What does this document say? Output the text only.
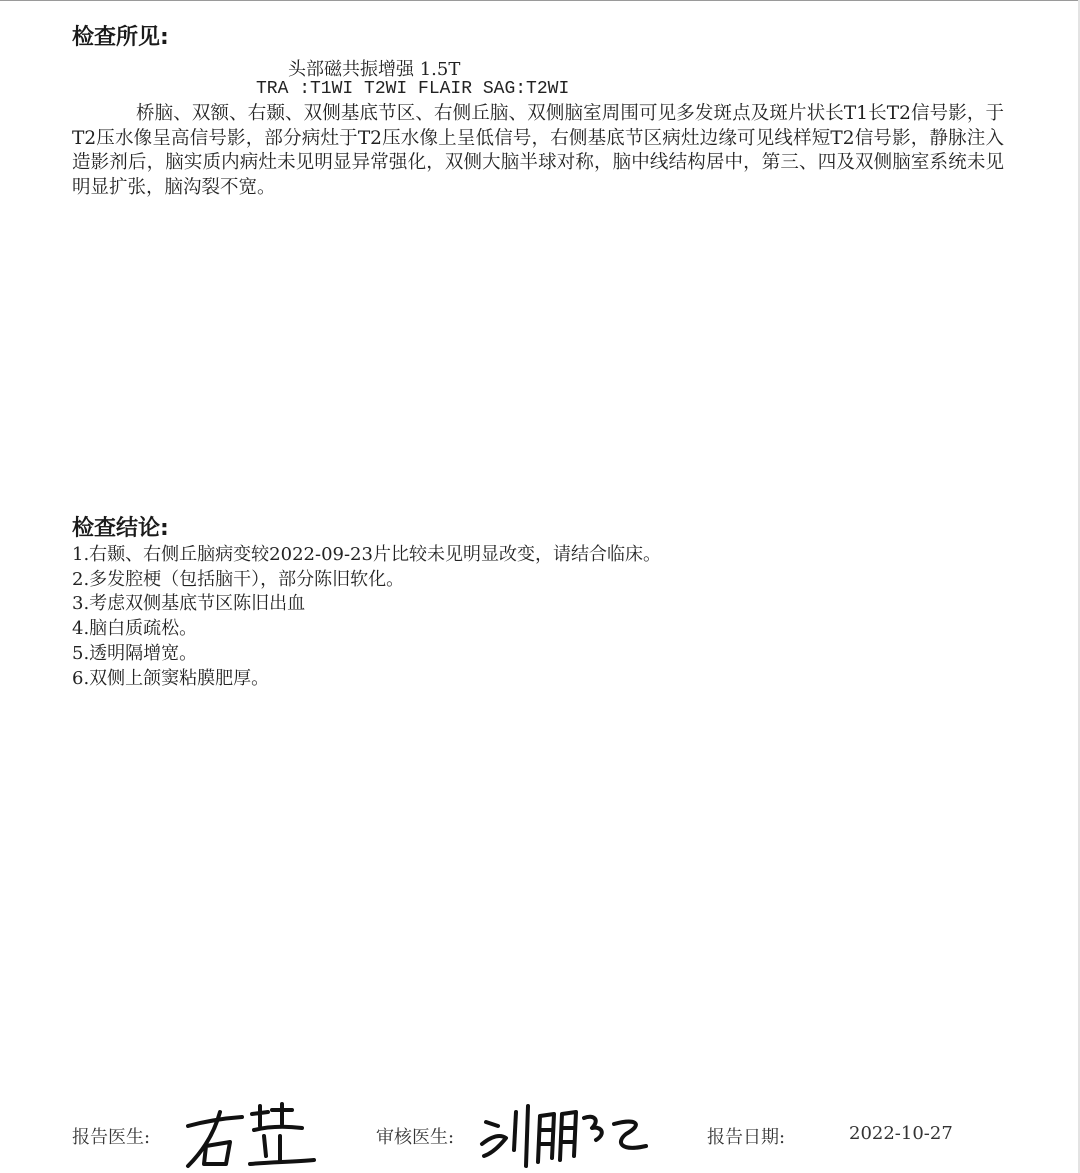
检查所见:
头部磁共振增强 1.5T
TRA :T1WI T2WI FLAIR SAG:T2WI
桥脑、双额、右颞、双侧基底节区、右侧丘脑、双侧脑室周围可见多发斑点及斑片状长T1长T2信号影，于T2压水像呈高信号影，部分病灶于T2压水像上呈低信号，右侧基底节区病灶边缘可见线样短T2信号影，静脉注入造影剂后，脑实质内病灶未见明显异常强化，双侧大脑半球对称，脑中线结构居中，第三、四及双侧脑室系统未见明显扩张，脑沟裂不宽。
检查结论:
1.右颞、右侧丘脑病变较2022-09-23片比较未见明显改变，请结合临床。
2.多发腔梗（包括脑干），部分陈旧软化。
3.考虑双侧基底节区陈旧出血
4.脑白质疏松。
5.透明隔增宽。
6.双侧上颌窦粘膜肥厚。
报告医生:	审核医生:	报告日期:	2022-10-27
